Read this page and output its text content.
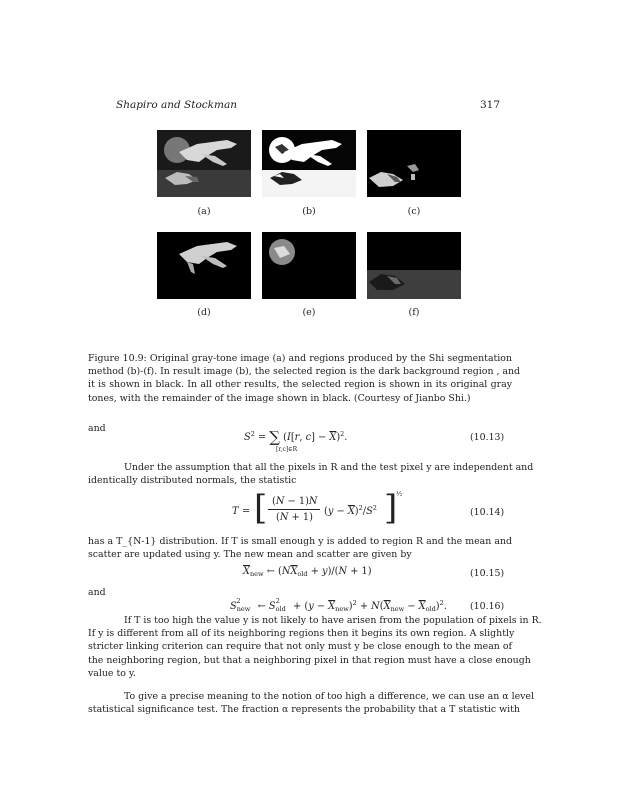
Shapiro and Stockman	317
(a)	(b)	(c)
(d)	(e)	(f)
Figure 10.9: Original gray-tone image (a) and regions produced by the Shi segmentation
method (b)-(f). In result image (b), the selected region is the dark background region , and
it is shown in black. In all other results, the selected region is shown in its original gray
tones, with the remainder of the image shown in black. (Courtesy of Jianbo Shi.)
and
$S^2$ = ∑ (I[r, $c] - \overline{X})^2$.
[r,c]∈R
(10.13)
Under the assumption that all the pixels in R and the test pixel y are independent and
identically distributed normals, the statistic
T = [ (N − 1)N
(N + 1)
$(y - \overline{X})^2/S^2$ ]
½
(10.14)
has a T_{N-1} distribution. If T is small enough y is added to region R and the mean and
scatter are updated using y. The new mean and scatter are given by
$\overline{X}_{new}$ ← $(N\overline{X}_{old} + y)/(N + 1)$	(10.15)
and
$S_{new}^2$ ← $S_{old}^2 + (y - \overline{X}_{new})^2 + N(\overline{X}_{new} - \overline{X}_{old})^2$. (10.16)
If T is too high the value y is not likely to have arisen from the population of pixels in R.
If y is different from all of its neighboring regions then it begins its own region. A slightly
stricter linking criterion can require that not only must y be close enough to the mean of
the neighboring region, but that a neighboring pixel in that region must have a close enough
value to y.
To give a precise meaning to the notion of too high a difference, we can use an α level
statistical significance test. The fraction α represents the probability that a T statistic with
